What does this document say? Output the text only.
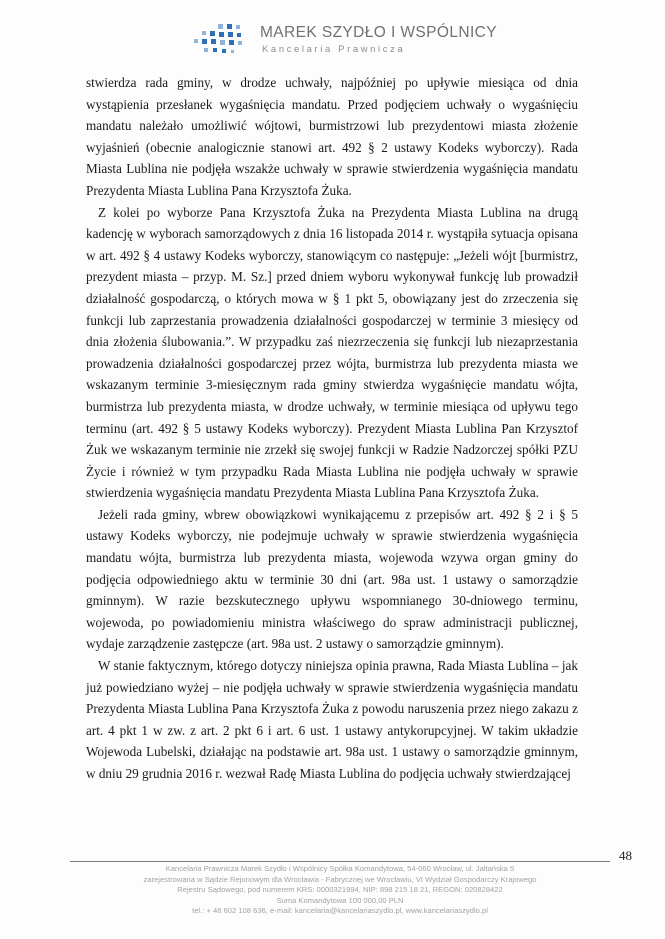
MAREK SZYDŁO I WSPÓLNICY
Kancelaria Prawnicza

stwierdza rada gminy, w drodze uchwały, najpóźniej po upływie miesiąca od dnia wystąpienia przesłanek wygaśnięcia mandatu. Przed podjęciem uchwały o wygaśnięciu mandatu należało umożliwić wójtowi, burmistrzowi lub prezydentowi miasta złożenie wyjaśnień (obecnie analogicznie stanowi art. 492 § 2 ustawy Kodeks wyborczy). Rada Miasta Lublina nie podjęła wszakże uchwały w sprawie stwierdzenia wygaśnięcia mandatu Prezydenta Miasta Lublina Pana Krzysztofa Żuka.

Z kolei po wyborze Pana Krzysztofa Żuka na Prezydenta Miasta Lublina na drugą kadencję w wyborach samorządowych z dnia 16 listopada 2014 r. wystąpiła sytuacja opisana w art. 492 § 4 ustawy Kodeks wyborczy, stanowiącym co następuje: „Jeżeli wójt [burmistrz, prezydent miasta – przyp. M. Sz.] przed dniem wyboru wykonywał funkcję lub prowadził działalność gospodarczą, o których mowa w § 1 pkt 5, obowiązany jest do zrzeczenia się funkcji lub zaprzestania prowadzenia działalności gospodarczej w terminie 3 miesięcy od dnia złożenia ślubowania.”. W przypadku zaś niezrzeczenia się funkcji lub niezaprzestania prowadzenia działalności gospodarczej przez wójta, burmistrza lub prezydenta miasta we wskazanym terminie 3-miesięcznym rada gminy stwierdza wygaśnięcie mandatu wójta, burmistrza lub prezydenta miasta, w drodze uchwały, w terminie miesiąca od upływu tego terminu (art. 492 § 5 ustawy Kodeks wyborczy). Prezydent Miasta Lublina Pan Krzysztof Żuk we wskazanym terminie nie zrzekł się swojej funkcji w Radzie Nadzorczej spółki PZU Życie i również w tym przypadku Rada Miasta Lublina nie podjęła uchwały w sprawie stwierdzenia wygaśnięcia mandatu Prezydenta Miasta Lublina Pana Krzysztofa Żuka.

Jeżeli rada gminy, wbrew obowiązkowi wynikającemu z przepisów art. 492 § 2 i § 5 ustawy Kodeks wyborczy, nie podejmuje uchwały w sprawie stwierdzenia wygaśnięcia mandatu wójta, burmistrza lub prezydenta miasta, wojewoda wzywa organ gminy do podjęcia odpowiedniego aktu w terminie 30 dni (art. 98a ust. 1 ustawy o samorządzie gminnym). W razie bezskutecznego upływu wspomnianego 30-dniowego terminu, wojewoda, po powiadomieniu ministra właściwego do spraw administracji publicznej, wydaje zarządzenie zastępcze (art. 98a ust. 2 ustawy o samorządzie gminnym).

W stanie faktycznym, którego dotyczy niniejsza opinia prawna, Rada Miasta Lublina – jak już powiedziano wyżej – nie podjęła uchwały w sprawie stwierdzenia wygaśnięcia mandatu Prezydenta Miasta Lublina Pana Krzysztofa Żuka z powodu naruszenia przez niego zakazu z art. 4 pkt 1 w zw. z art. 2 pkt 6 i art. 6 ust. 1 ustawy antykorupcyjnej. W takim układzie Wojewoda Lubelski, działając na podstawie art. 98a ust. 1 ustawy o samorządzie gminnym, w dniu 29 grudnia 2016 r. wezwał Radę Miasta Lublina do podjęcia uchwały stwierdzającej

48
Kancelaria Prawnicza Marek Szydło i Wspólnicy Spółka Komandytowa, 54-060 Wrocław, ul. Jaltańska 5
zarejestrowana w Sądzie Rejonowym dla Wrocławia - Fabrycznej we Wrocławiu, VI Wydział Gospodarczy Krajowego
Rejestru Sądowego, pod numerem KRS: 0000321994, NIP: 898 215 18 21, REGON: 020828422
Suma Komandytowa 100 000,00 PLN
tel.: + 48 602 108 636, e-mail: kancelaria@kancelariaszydlo.pl, www.kancelariaszydlo.pl
